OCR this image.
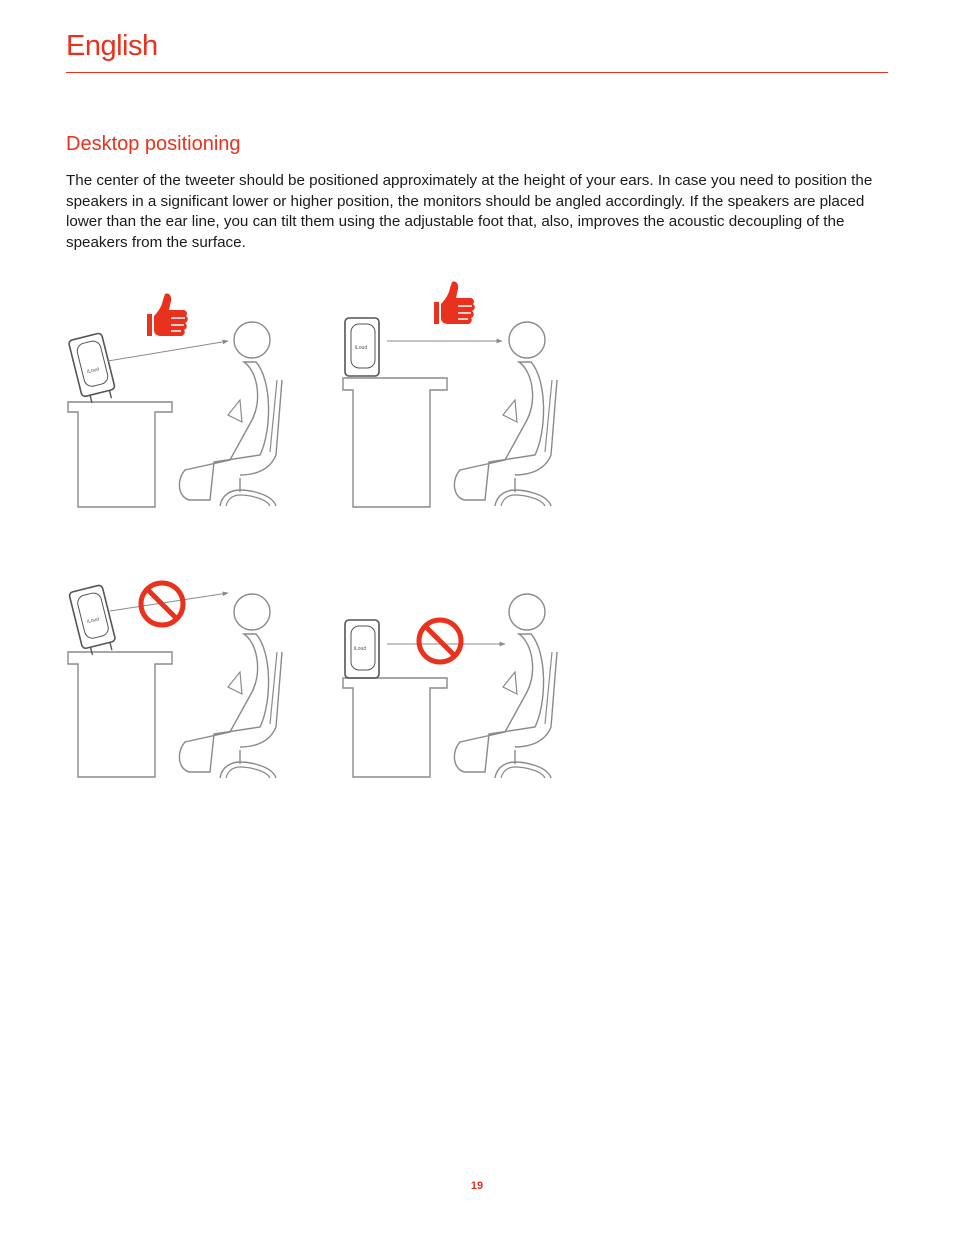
English
Desktop positioning
The center of the tweeter should be positioned approximately at the height of your ears. In case you need to position the speakers in a significant lower or higher position, the monitors should be angled accordingly. If the speakers are placed lower than the ear line, you can tilt them using the adjustable foot that, also, improves the acoustic decoupling of the speakers from the surface.
iLoud
iLoud
iLoud
iLoud
19
